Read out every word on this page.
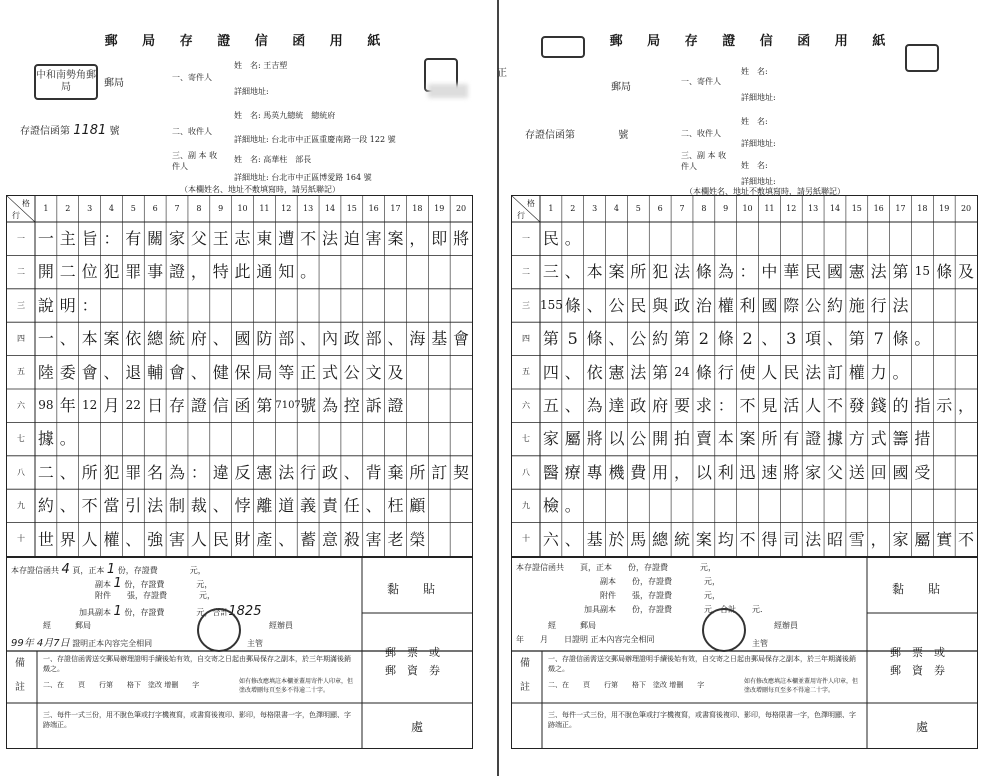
郵 局 存 證 信 函 用 紙
中和南勢角郵局	郵局
存證信函第 1181 號
一、寄件人
二、收件人
三、副 本 收件人
姓　名: 王吉塑
詳細地址:
姓　名: 馬英九總統　總統府
詳細地址: 台北市中正區重慶南路一段 122 號
姓　名: 高華柱　部長
詳細地址: 台北市中正區博愛路 164 號
（本欄姓名、地址不敷填寫時，請另紙聯記）
格
行
1	2	3	4	5	6	7	8	9	10	11	12	13	14	15	16	17	18	19	20
一 一 主 旨 ： 有 關 家 父 王 志 東 遭 不 法 迫 害 案 ， 即 將
二 開 二 位 犯 罪 事 證 ， 特 此 通 知 。
三 說 明 ：
四 一 、 本 案 依 總 統 府 、 國 防 部 、 內 政 部 、 海 基 會
五 陸 委 會 、 退 輔 會 、 健 保 局 等 正 式 公 文 及
六	98 年 12 月 22 日 存 證 信 函 第 7107 號 為 控 訴 證
七 據 。
八 二 、 所 犯 罪 名 為 ： 違 反 憲 法 行 政 、 背 棄 所 訂 契
九 約 、 不 當 引 法 制 裁 、 悖 離 道 義 責 任 、 枉 顧
十 世 界 人 權 、 強 害 人 民 財 產 、 蓄 意 殺 害 老 榮
本存證信函共 4 頁，正本 1 份，存證費　　　　	元，
副本 1 份，存證費　　　　	元，
附件　　 張，存證費　　　　	元，
加具副本 1 份，存證費　　　　	元，合計1825
經　　　	郵局
99年 4月7日 證明正本內容完全相同
經辦員
主管
黏　　貼
郵　票　或
郵　資　券
備

註
一、存證信函需送交郵局辦理證明手續後始有效，自交寄之日起由郵局保存之副本，於三年期滿後銷燬之。
二、在　　頁　　行第　　格下　塗改 增刪　　字	如有修改應填註本欄並蓋用寄件人印章，但塗改增刪每頁至多不得逾二十字。
三、每件一式三份，用不脫色筆或打字機複寫，或書寫後複印、影印，每格限書一字，色澤明顯、字跡端正。	處
正
郵 局 存 證 信 函 用 紙
郵局
存證信函第　　　　	號
一、寄件人
二、收件人
三、副 本 收件人
姓　名:
詳細地址:
姓　名:
詳細地址:
姓　名:
詳細地址:
（本欄姓名、地址不敷填寫時，請另紙聯記）
格
行
1	2	3	4	5	6	7	8	9	10	11	12	13	14	15	16	17	18	19	20
一 民 。
二 三 、 本 案 所 犯 法 條 為 ： 中 華 民 國 憲 法 第 15 條 及
三 155 條 、 公 民 與 政 治 權 利 國 際 公 約 施 行 法
四 第 5 條 、 公 約 第 2 條 2 、 3 項 、 第 7 條 。
五 四 、 依 憲 法 第 24 條 行 使 人 民 法 訂 權 力 。
六 五 、 為 達 政 府 要 求 ： 不 見 活 人 不 發 錢 的 指 示 ，
七 家 屬 將 以 公 開 拍 賣 本 案 所 有 證 據 方 式 籌 措
八 醫 療 專 機 費 用 ， 以 利 迅 速 將 家 父 送 回 國 受
九 檢 。
十 六 、 基 於 馬 總 統 案 均 不 得 司 法 昭 雪 ， 家 屬 實 不
本存證信函共　　 頁，正本　　 份，存證費　　　　	元，
副本　　 份，存證費　　　　	元，
附件　　 張，存證費　　　　	元，
加具副本　　 份，存證費　　　　	元，合計　　 元．
經　　　	郵局
年　　月　　日證明 正本內容完全相同
經辦員
主管
黏　　貼
郵　票　或
郵　資　券
備

註
一、存證信函需送交郵局辦理證明手續後始有效，自交寄之日起由郵局保存之副本，於三年期滿後銷燬之。
二、在　　頁　　行第　　格下　塗改 增刪　　字	如有修改應填註本欄並蓋用寄件人印章，但塗改增刪每頁至多不得逾二十字。
三、每件一式三份，用不脫色筆或打字機複寫，或書寫後複印、影印，每格限書一字，色澤明顯、字跡端正。	處
